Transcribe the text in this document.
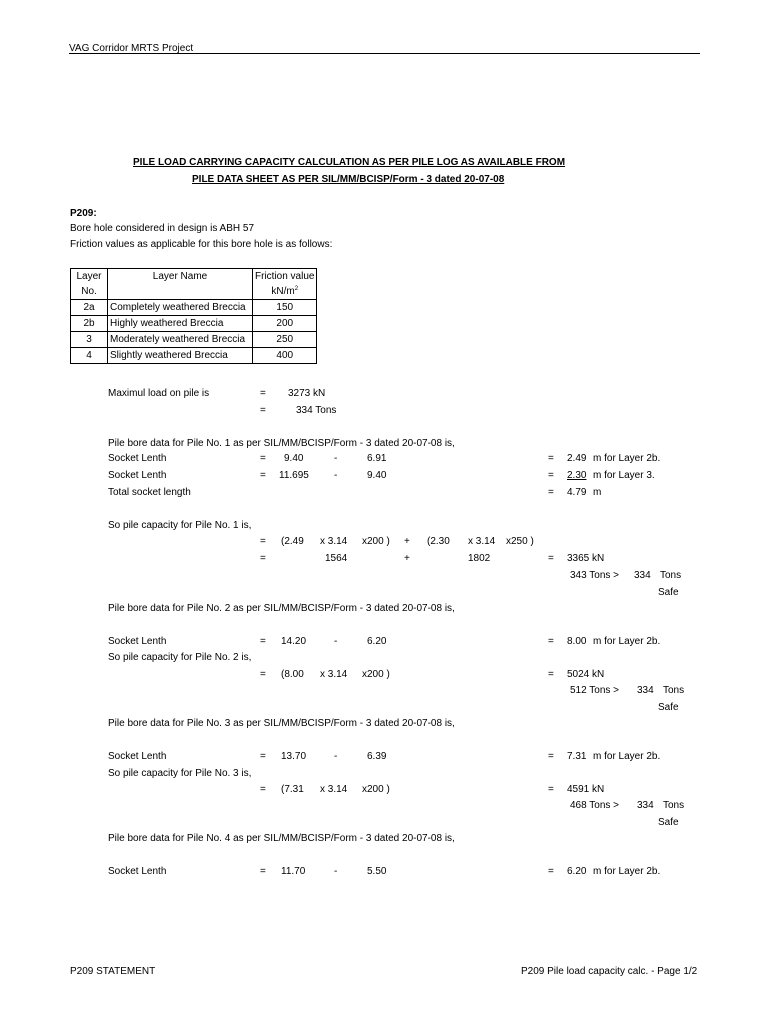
VAG Corridor MRTS Project
PILE LOAD CARRYING CAPACITY CALCULATION AS PER PILE LOG AS AVAILABLE FROM
PILE DATA SHEET AS PER SIL/MM/BCISP/Form - 3 dated 20-07-08
P209:
Bore hole considered in design is ABH 57
Friction values as applicable for this bore hole is as follows:
Layer	Layer Name	Friction value
No.		$kN/m^2$
2a	Completely weathered Breccia	150
2b	Highly weathered Breccia	200
3	Moderately weathered Breccia	250
4	Slightly weathered Breccia	400
Maximul load on pile is	= 3273 kN
=	334 Tons
Pile bore data for Pile No. 1 as per SIL/MM/BCISP/Form - 3 dated 20-07-08 is,
Socket Lenth	= 9.40	-	6.91	= 2.49 m for Layer 2b.
Socket Lenth	= 11.695	-	9.40	= 2.30 m for Layer 3.
Total socket length	= 4.79 m
So pile capacity for Pile No. 1 is,
= (2.49 x 3.14 x200 ) + (2.30 x 3.14 x250 )
=	1564	+	1802	= 3365 kN
343 Tons > 334 Tons
Safe
Pile bore data for Pile No. 2 as per SIL/MM/BCISP/Form - 3 dated 20-07-08 is,
Socket Lenth	= 14.20	-	6.20	= 8.00 m for Layer 2b.
So pile capacity for Pile No. 2 is,
= (8.00 x 3.14 x200 )	= 5024 kN
512 Tons > 334 Tons
Safe
Pile bore data for Pile No. 3 as per SIL/MM/BCISP/Form - 3 dated 20-07-08 is,
Socket Lenth	= 13.70	-	6.39	= 7.31 m for Layer 2b.
So pile capacity for Pile No. 3 is,
= (7.31 x 3.14 x200 )	= 4591 kN
468 Tons > 334 Tons
Safe
Pile bore data for Pile No. 4 as per SIL/MM/BCISP/Form - 3 dated 20-07-08 is,
Socket Lenth	= 11.70	-	5.50	= 6.20 m for Layer 2b.
P209 STATEMENT	P209 Pile load capacity calc. - Page 1/2
